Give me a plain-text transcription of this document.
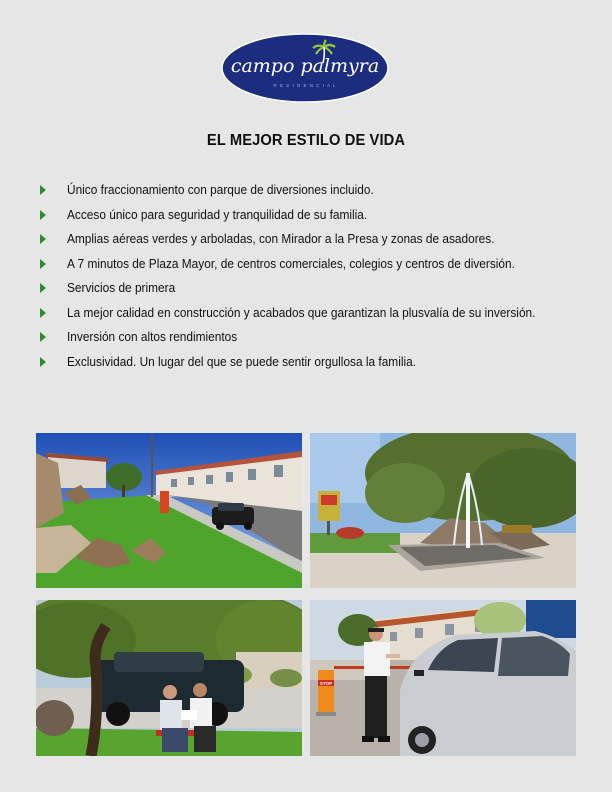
campo palmyra
R E S I D E N C I A L
EL MEJOR ESTILO DE VIDA
Único fraccionamiento con parque de diversiones incluido.
Acceso único para seguridad y tranquilidad de su familia.
Amplias aéreas verdes y arboladas, con Mirador a la Presa y zonas de asadores.
A 7 minutos de Plaza Mayor, de centros comerciales, colegios y centros de diversión.
Servicios de primera
La mejor calidad en construcción y acabados que garantizan la plusvalía de su inversión.
Inversión con altos rendimientos
Exclusividad. Un lugar del que se puede sentir orgullosa la familia.
STOP
